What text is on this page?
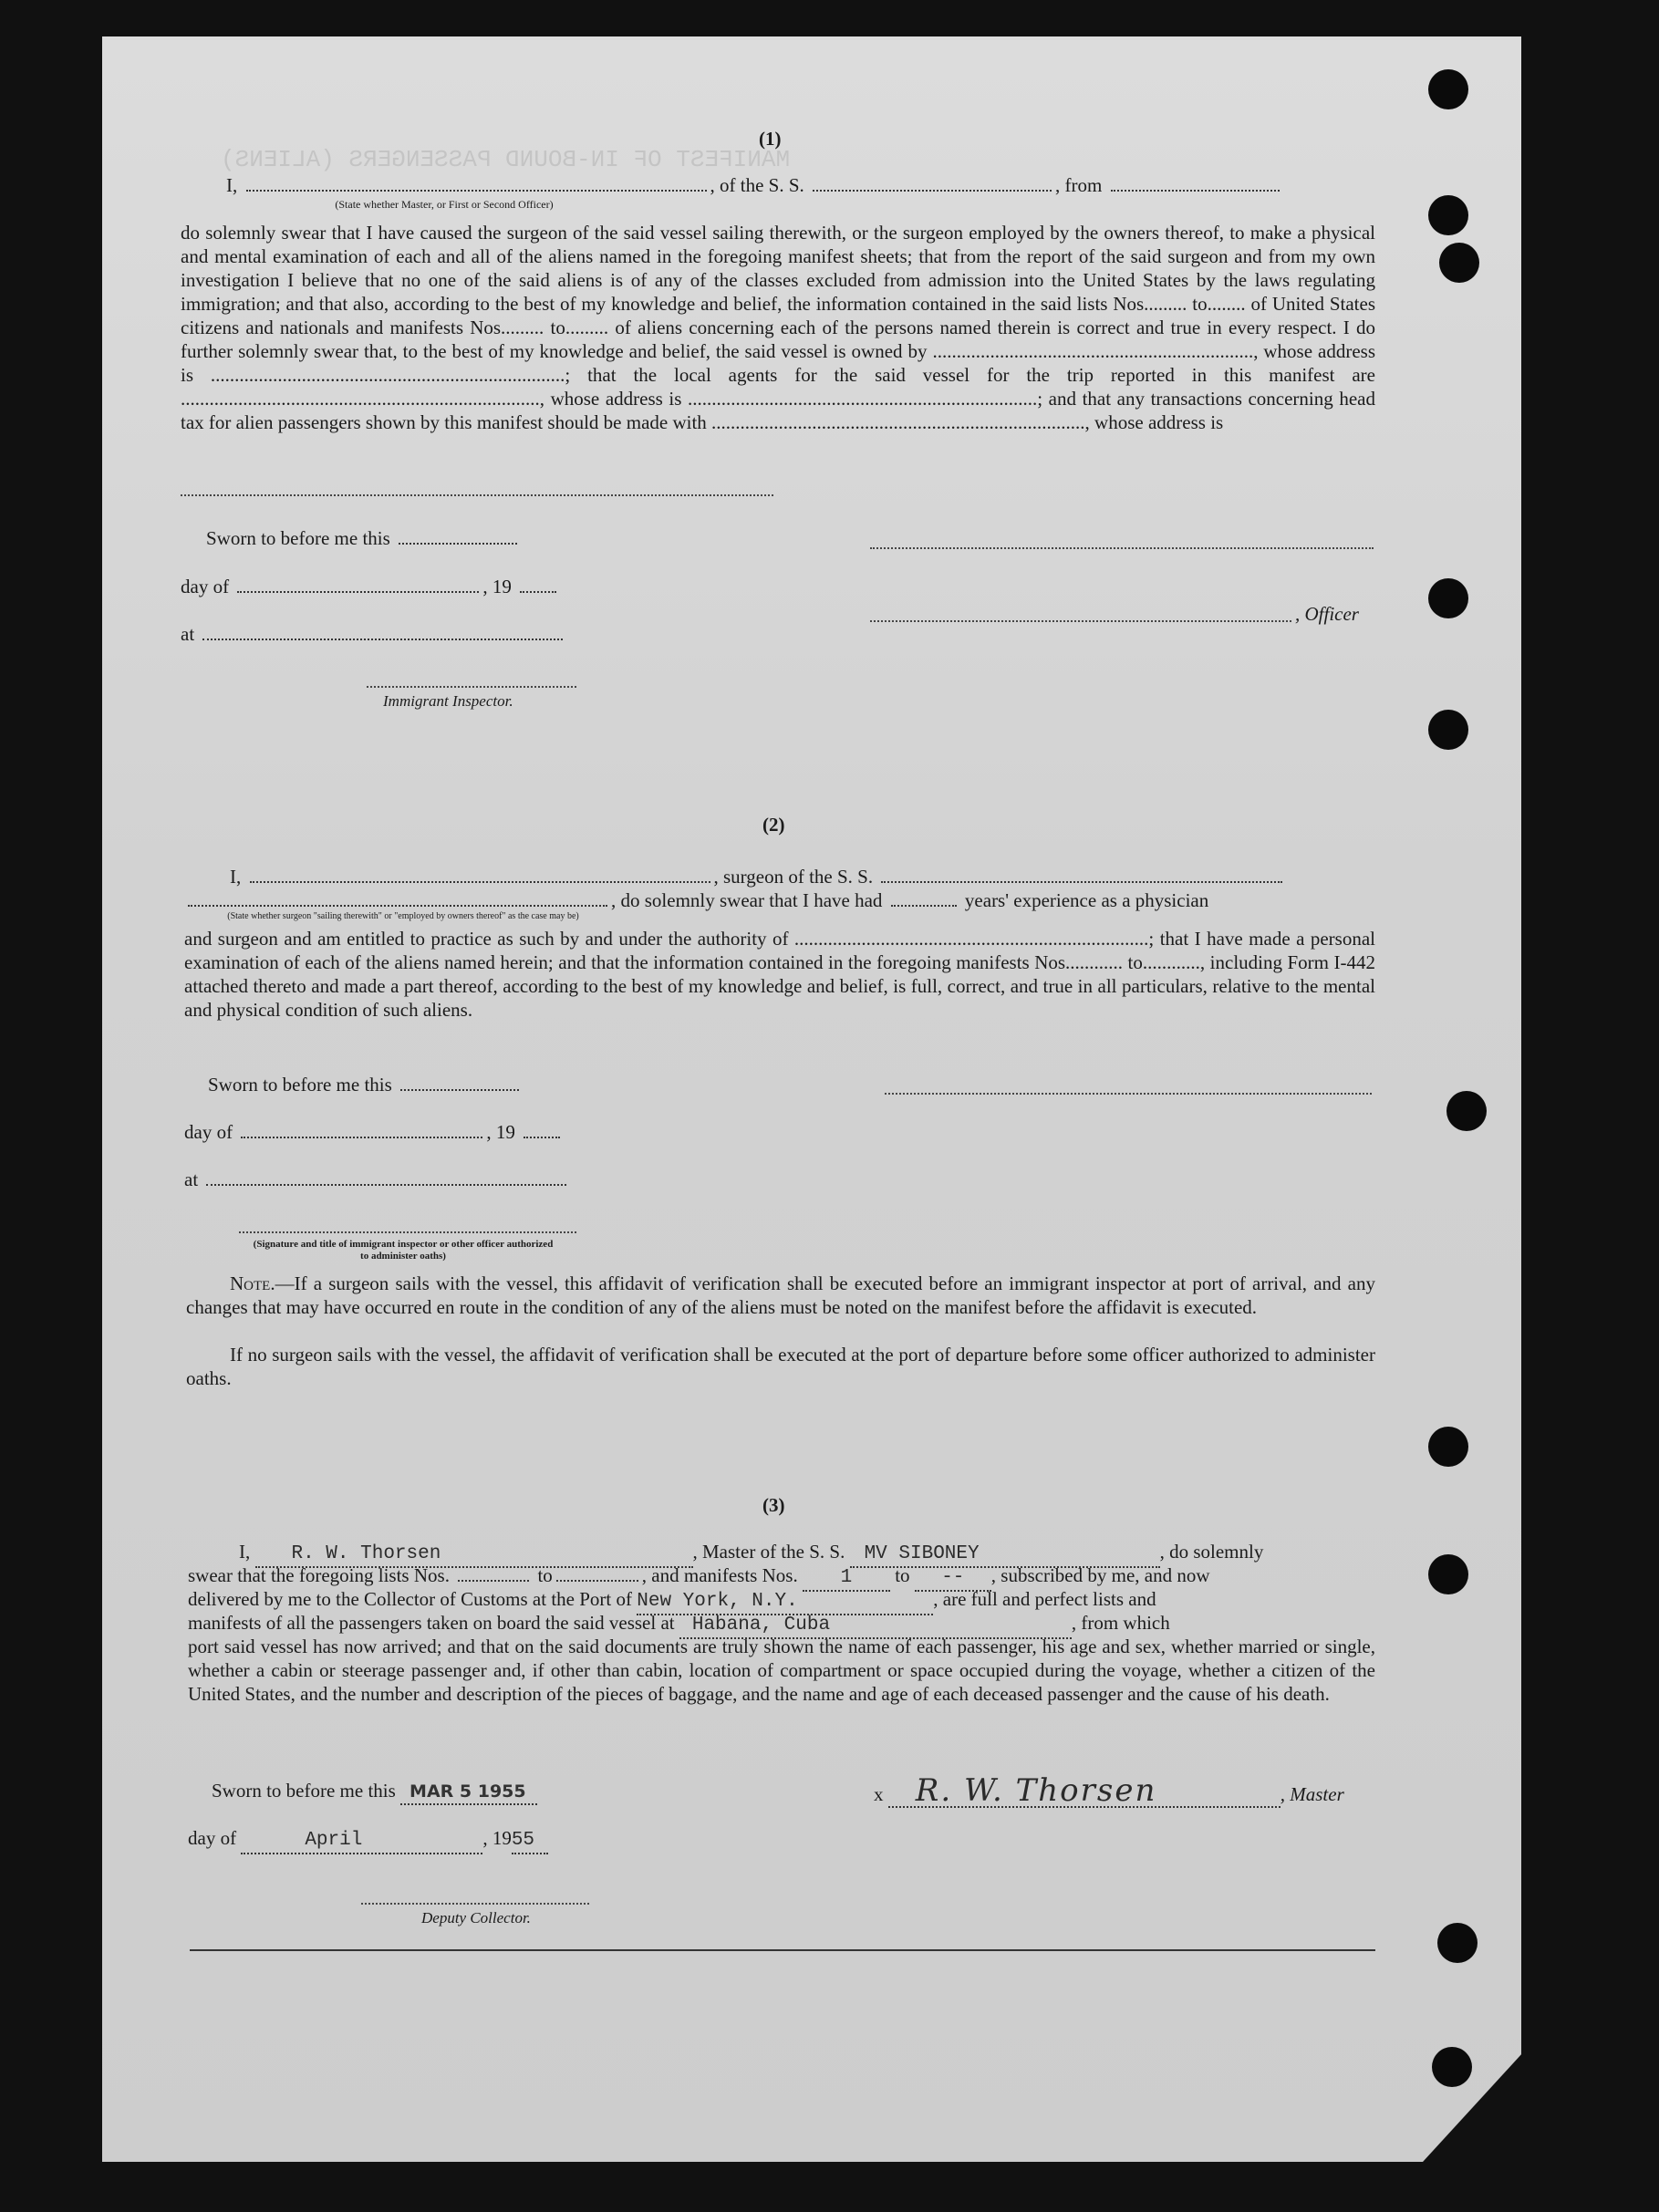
MANIFEST OF IN-BOUND PASSENGERS (ALIENS)
(1)
I,	, of the S. S.	, from
(State whether Master, or First or Second Officer)
do solemnly swear that I have caused the surgeon of the said vessel sailing therewith, or the surgeon employed by the owners thereof, to make a physical and mental examination of each and all of the aliens named in the foregoing manifest sheets; that from the report of the said surgeon and from my own investigation I believe that no one of the said aliens is of any of the classes excluded from admission into the United States by the laws regulating immigration; and that also, according to the best of my knowledge and belief, the information contained in the said lists Nos......... to........ of United States citizens and nationals and manifests Nos......... to......... of aliens concerning each of the persons named therein is correct and true in every respect. I do further solemnly swear that, to the best of my knowledge and belief, the said vessel is owned by ..................................................................., whose address is ..........................................................................; that the local agents for the said vessel for the trip reported in this manifest are ..........................................................................., whose address is .........................................................................; and that any transactions concerning head tax for alien passengers shown by this manifest should be made with .............................................................................., whose address is
Sworn to before me this
day of	, 19
at
, Officer
Immigrant Inspector.
(2)
I,	, surgeon of the S. S.
, do solemnly swear that I have had	years' experience as a physician
(State whether surgeon "sailing therewith" or "employed by owners thereof" as the case may be)
and surgeon and am entitled to practice as such by and under the authority of ..........................................................................; that I have made a personal examination of each of the aliens named herein; and that the information contained in the foregoing manifests Nos............ to............, including Form I-442 attached thereto and made a part thereof, according to the best of my knowledge and belief, is full, correct, and true in all particulars, relative to the mental and physical condition of such aliens.
Sworn to before me this
day of	, 19
at
(Signature and title of immigrant inspector or other officer authorized to administer oaths)
Note.—If a surgeon sails with the vessel, this affidavit of verification shall be executed before an immigrant inspector at port of arrival, and any changes that may have occurred en route in the condition of any of the aliens must be noted on the manifest before the affidavit is executed.
If no surgeon sails with the vessel, the affidavit of verification shall be executed at the port of departure before some officer authorized to administer oaths.
(3)
I, R. W. Thorsen	, Master of the S. S. MV SIBONEY	, do solemnly
swear that the foregoing lists Nos.	to	, and manifests Nos. 1 to -- , subscribed by me, and now
delivered by me to the Collector of Customs at the Port of New York, N.Y.	, are full and perfect lists and
manifests of all the passengers taken on board the said vessel at Habana, Cuba	, from which
port said vessel has now arrived; and that on the said documents are truly shown the name of each passenger, his age and sex, whether married or single, whether a cabin or steerage passenger and, if other than cabin, location of compartment or space occupied during the voyage, whether a citizen of the United States, and the number and description of the pieces of baggage, and the name and age of each deceased passenger and the cause of his death.
Sworn to before me this MAR 5 1955	x R. W. Thorsen	, Master
day of	April	, 1955
Deputy Collector.
